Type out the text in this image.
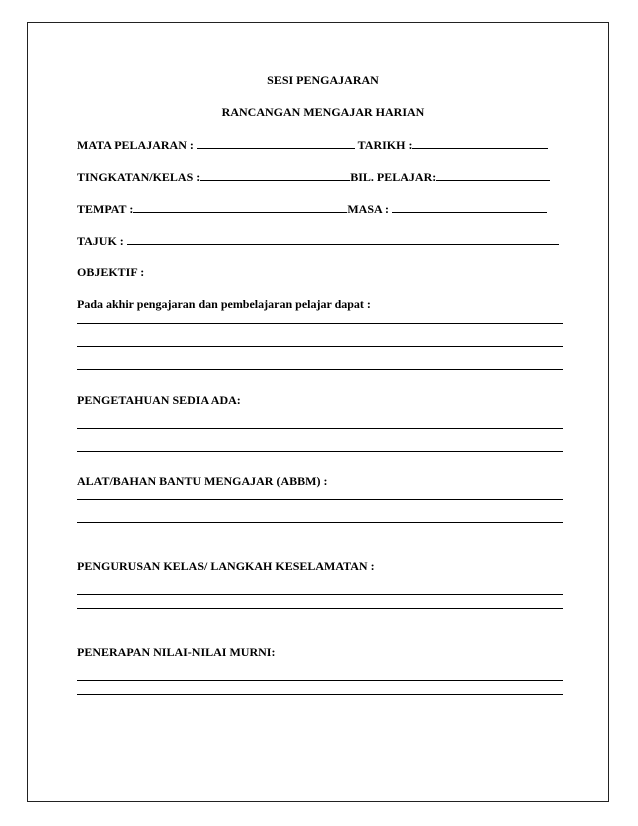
SESI PENGAJARAN
RANCANGAN MENGAJAR HARIAN
MATA PELAJARAN :	TARIKH :
TINGKATAN/KELAS :	BIL. PELAJAR:
TEMPAT :	MASA :
TAJUK :
OBJEKTIF :
Pada akhir pengajaran dan pembelajaran pelajar dapat :
PENGETAHUAN SEDIA ADA:
ALAT/BAHAN BANTU MENGAJAR (ABBM) :
PENGURUSAN KELAS/ LANGKAH KESELAMATAN :
PENERAPAN NILAI-NILAI MURNI:
